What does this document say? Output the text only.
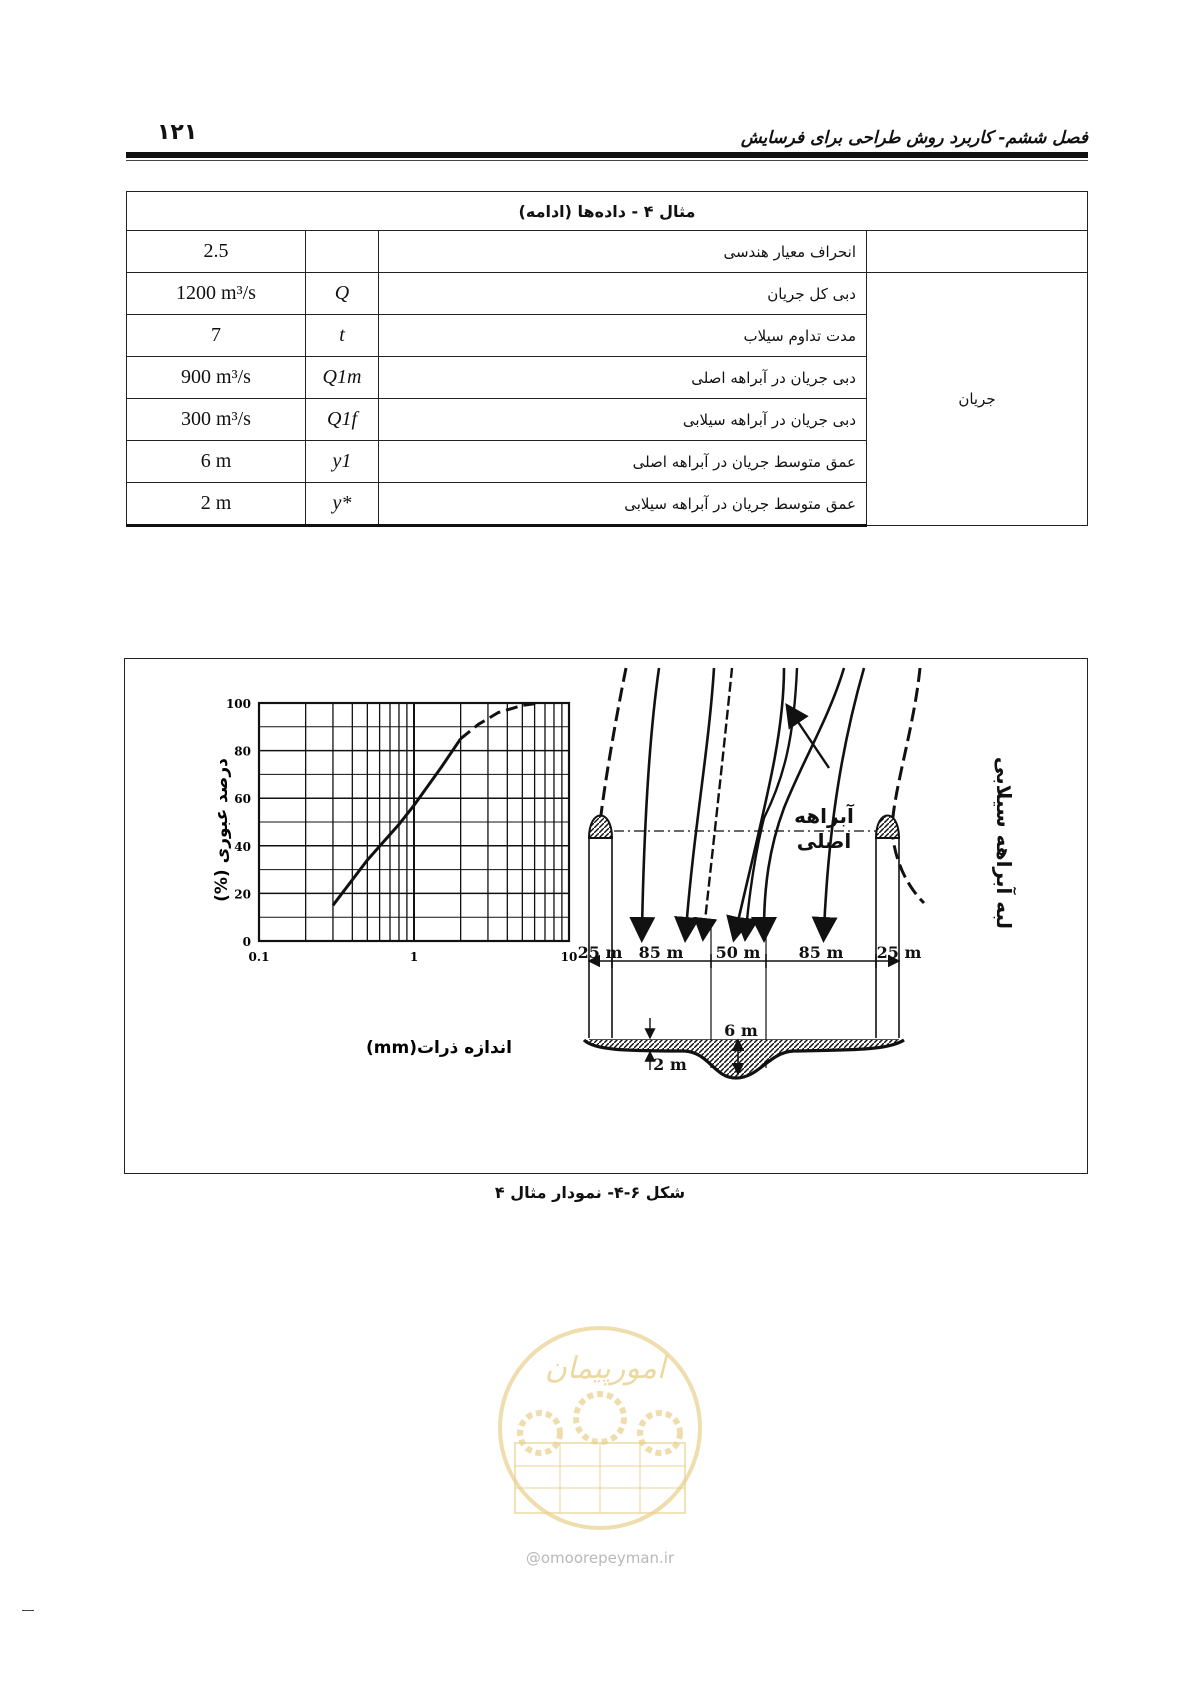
۱۲۱	فصل ششم- کاربرد روش طراحی برای فرسایش
مثال ۴ - داده‌ها (ادامه)			
2.5		انحراف معیار هندسی	
1200 m³/s	Q	دبی کل جریان	جریان
7	t	مدت تداوم سیلاب	
900 m³/s	Q1m	دبی جریان در آبراهه اصلی	
300 m³/s	Q1f	دبی جریان در آبراهه سیلابی	
6 m	y1	عمق متوسط جریان در آبراهه اصلی	
2 m	y*	عمق متوسط جریان در آبراهه سیلابی	
0
20
40
60
80
100
0.1	1	10
اندازه ذرات(mm)
درصد عبوری (%)
25 m 85 m 50 m 85 m 25 m
6 m
2 m
آبراهه
اصلی	لبه آبراهه سیلابی
شکل ۶-۴- نمودار مثال ۴
امورپیمان
@omoorepeyman.ir
